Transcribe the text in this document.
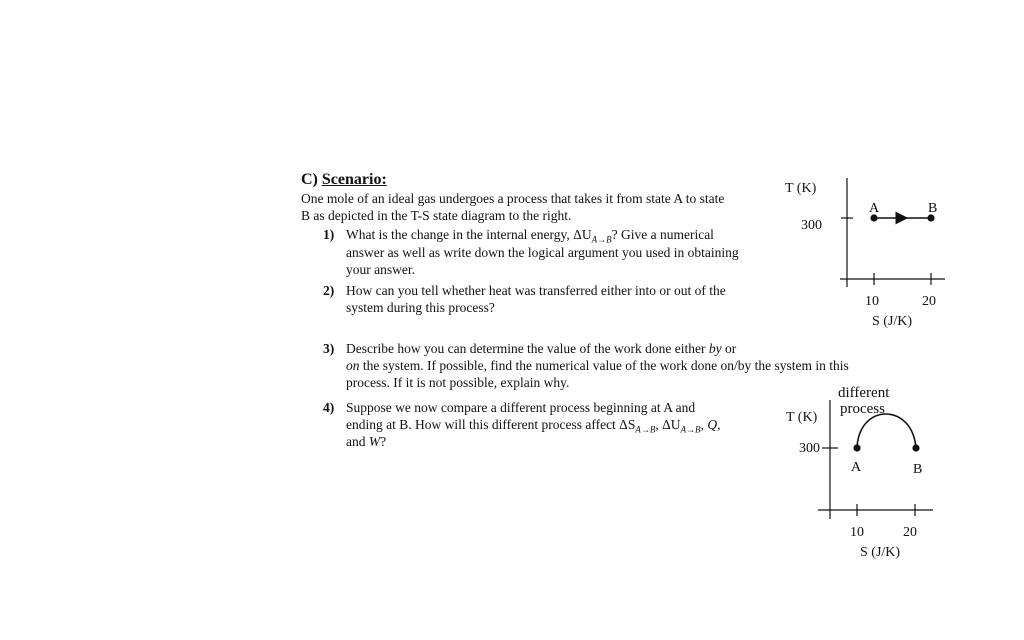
C) Scenario:
One mole of an ideal gas undergoes a process that takes it from state A to state
B as depicted in the T-S state diagram to the right.
1) What is the change in the internal energy, $\Delta U_{A\to B}$? Give a numerical
answer as well as write down the logical argument you used in obtaining
your answer.
2) How can you tell whether heat was transferred either into or out of the
system during this process?
3) Describe how you can determine the value of the work done either by or
on the system. If possible, find the numerical value of the work done on/by the system in this
process. If it is not possible, explain why.
4) Suppose we now compare a different process beginning at A and
ending at B. How will this different process affect $\Delta S_{A\to B}$, $\Delta U_{A\to B}$, Q,
and W?
T (K)
300
A	B
10	20
S (J/K)
different
process
T (K)
300
A	B
10	20
S (J/K)
